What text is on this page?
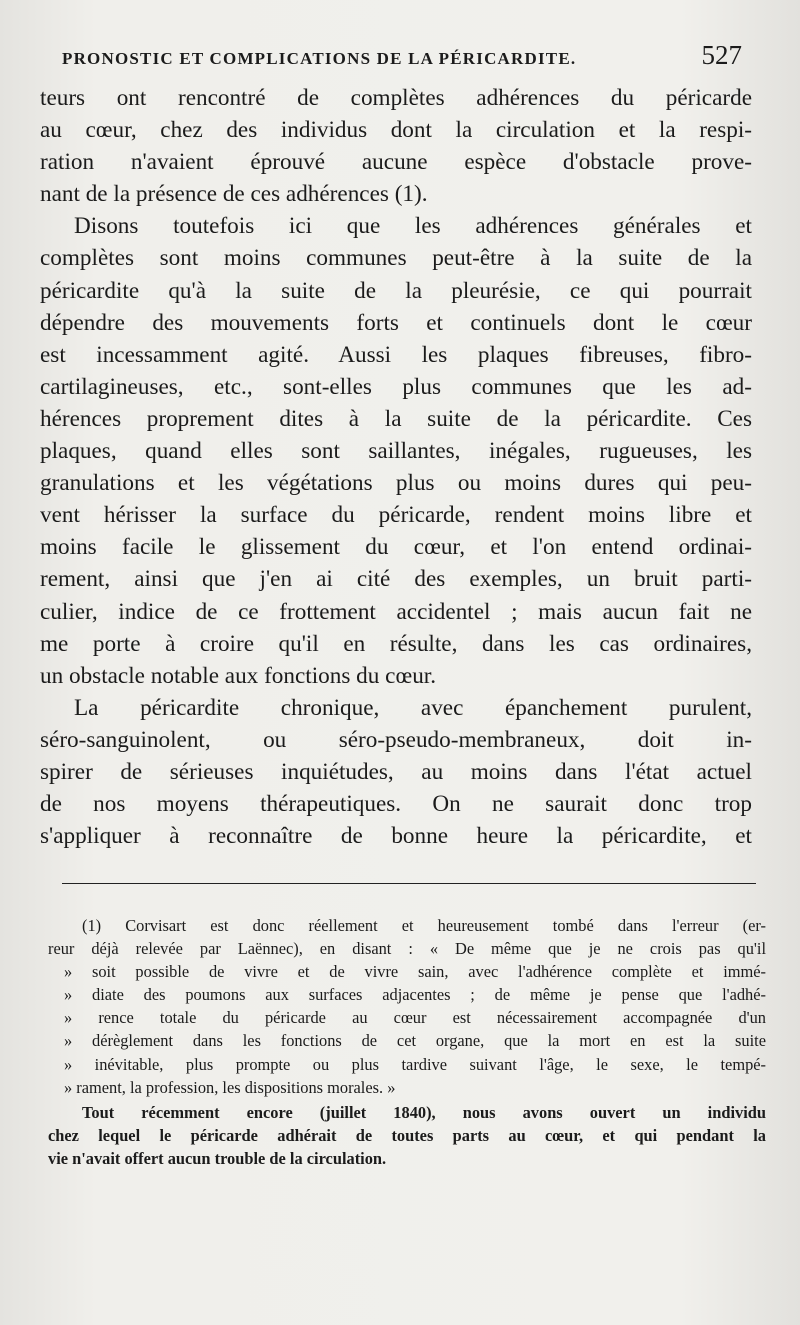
PRONOSTIC ET COMPLICATIONS DE LA PÉRICARDITE.	527
teurs ont rencontré de complètes adhérences du péricarde
au cœur, chez des individus dont la circulation et la respi-
ration n'avaient éprouvé aucune espèce d'obstacle prove-
nant de la présence de ces adhérences (1).
Disons toutefois ici que les adhérences générales et
complètes sont moins communes peut-être à la suite de la
péricardite qu'à la suite de la pleurésie, ce qui pourrait
dépendre des mouvements forts et continuels dont le cœur
est incessamment agité. Aussi les plaques fibreuses, fibro-
cartilagineuses, etc., sont-elles plus communes que les ad-
hérences proprement dites à la suite de la péricardite. Ces
plaques, quand elles sont saillantes, inégales, rugueuses, les
granulations et les végétations plus ou moins dures qui peu-
vent hérisser la surface du péricarde, rendent moins libre et
moins facile le glissement du cœur, et l'on entend ordinai-
rement, ainsi que j'en ai cité des exemples, un bruit parti-
culier, indice de ce frottement accidentel ; mais aucun fait ne
me porte à croire qu'il en résulte, dans les cas ordinaires,
un obstacle notable aux fonctions du cœur.
La péricardite chronique, avec épanchement purulent,
séro-sanguinolent, ou séro-pseudo-membraneux, doit in-
spirer de sérieuses inquiétudes, au moins dans l'état actuel
de nos moyens thérapeutiques. On ne saurait donc trop
s'appliquer à reconnaître de bonne heure la péricardite, et
(1) Corvisart est donc réellement et heureusement tombé dans l'erreur (er-
reur déjà relevée par Laënnec), en disant : « De même que je ne crois pas qu'il
» soit possible de vivre et de vivre sain, avec l'adhérence complète et immé-
» diate des poumons aux surfaces adjacentes ; de même je pense que l'adhé-
» rence totale du péricarde au cœur est nécessairement accompagnée d'un
» dérèglement dans les fonctions de cet organe, que la mort en est la suite
» inévitable, plus prompte ou plus tardive suivant l'âge, le sexe, le tempé-
» rament, la profession, les dispositions morales. »
Tout récemment encore (juillet 1840), nous avons ouvert un individu
chez lequel le péricarde adhérait de toutes parts au cœur, et qui pendant la
vie n'avait offert aucun trouble de la circulation.
